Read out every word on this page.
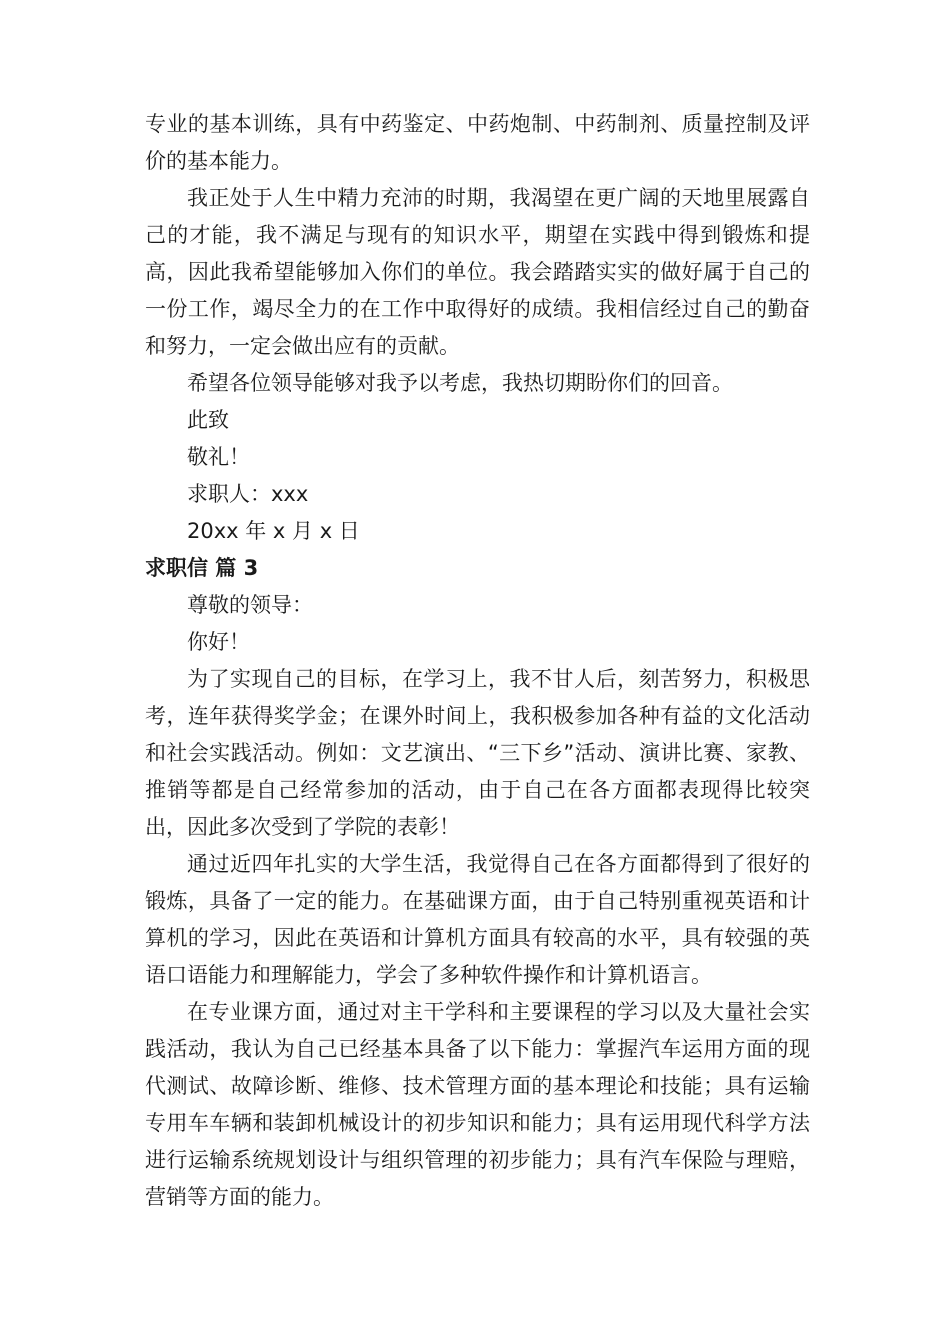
专业的基本训练，具有中药鉴定、中药炮制、中药制剂、质量控制及评价的基本能力。

我正处于人生中精力充沛的时期，我渴望在更广阔的天地里展露自己的才能，我不满足与现有的知识水平，期望在实践中得到锻炼和提高，因此我希望能够加入你们的单位。我会踏踏实实的做好属于自己的一份工作，竭尽全力的在工作中取得好的成绩。我相信经过自己的勤奋和努力，一定会做出应有的贡献。

希望各位领导能够对我予以考虑，我热切期盼你们的回音。

此致

敬礼！

求职人：xxx

20xx 年 x 月 x 日

求职信 篇 3

尊敬的领导：

你好！

为了实现自己的目标，在学习上，我不甘人后，刻苦努力，积极思考，连年获得奖学金；在课外时间上，我积极参加各种有益的文化活动和社会实践活动。例如：文艺演出、“三下乡”活动、演讲比赛、家教、推销等都是自己经常参加的活动，由于自己在各方面都表现得比较突出，因此多次受到了学院的表彰！

通过近四年扎实的大学生活，我觉得自己在各方面都得到了很好的锻炼，具备了一定的能力。在基础课方面，由于自己特别重视英语和计算机的学习，因此在英语和计算机方面具有较高的水平，具有较强的英语口语能力和理解能力，学会了多种软件操作和计算机语言。

在专业课方面，通过对主干学科和主要课程的学习以及大量社会实践活动，我认为自己已经基本具备了以下能力：掌握汽车运用方面的现代测试、故障诊断、维修、技术管理方面的基本理论和技能；具有运输专用车车辆和装卸机械设计的初步知识和能力；具有运用现代科学方法进行运输系统规划设计与组织管理的初步能力；具有汽车保险与理赔，营销等方面的能力。
